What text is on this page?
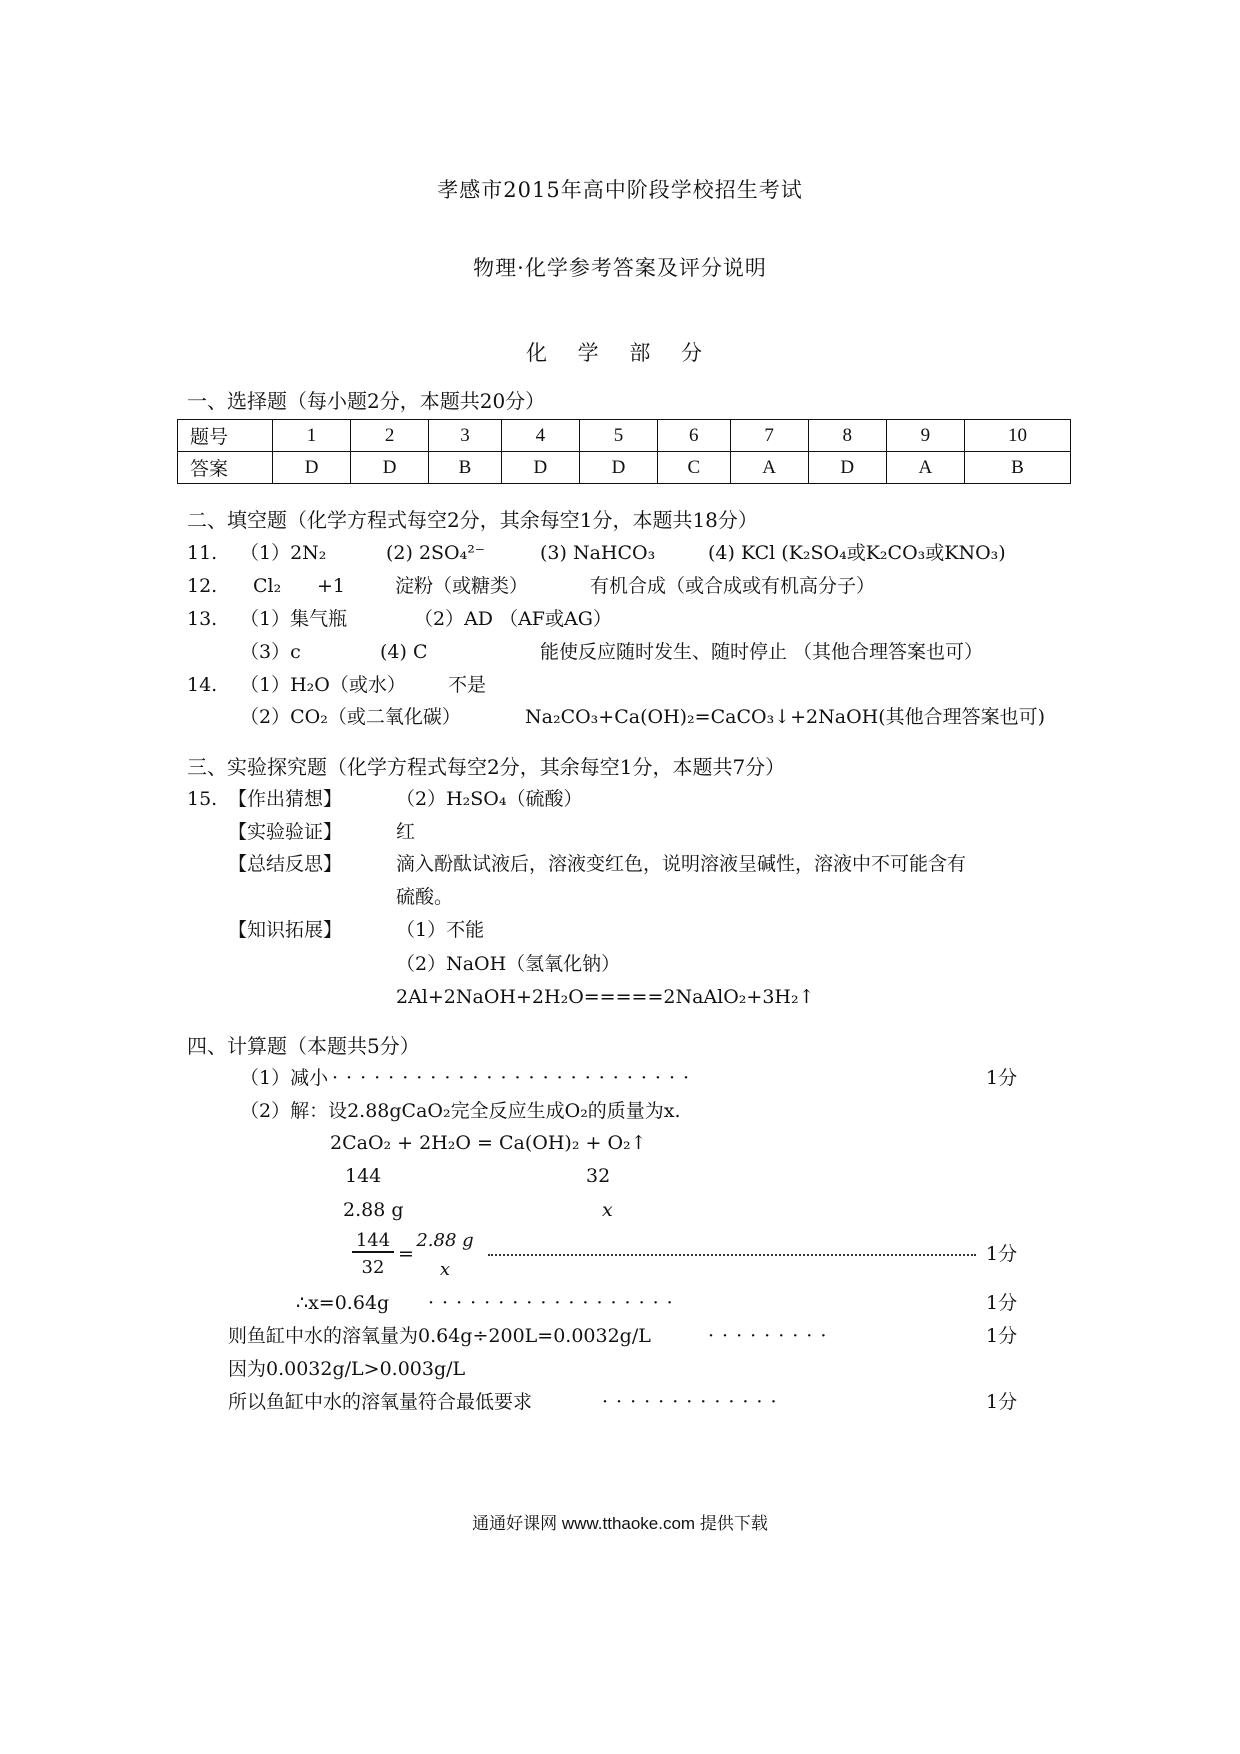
孝感市2015年高中阶段学校招生考试
物理·化学参考答案及评分说明
化 学 部 分
一、选择题（每小题2分，本题共20分）
题号	1	2	3	4	5	6	7	8	9	10
答案	D	D	B	D	D	C	A	D	A	B
二、填空题（化学方程式每空2分，其余每空1分，本题共18分）
11. （1）2N₂	(2) 2SO₄²⁻	(3) NaHCO₃	(4) KCl (K₂SO₄或K₂CO₃或KNO₃)
12. Cl₂ +1	淀粉（或糖类）	有机合成（或合成或有机高分子）
13. （1）集气瓶	（2）AD （AF或AG）
（3）c	(4) C	能使反应随时发生、随时停止 （其他合理答案也可）
14. （1）H₂O（或水） 不是
（2）CO₂（或二氧化碳）	Na₂CO₃+Ca(OH)₂=CaCO₃↓+2NaOH(其他合理答案也可)
三、实验探究题（化学方程式每空2分，其余每空1分，本题共7分）
15. 【作出猜想】	（2）H₂SO₄（硫酸）
【实验验证】	红
【总结反思】	滴入酚酞试液后，溶液变红色，说明溶液呈碱性，溶液中不可能含有
硫酸。
【知识拓展】	（1）不能
（2）NaOH（氢氧化钠）
2Al+2NaOH+2H₂O=====2NaAlO₂+3H₂↑
四、计算题（本题共5分）
（1）减小 ··························	1分
（2）解：设2.88gCaO₂完全反应生成O₂的质量为x.
2CaO₂ + 2H₂O = Ca(OH)₂ + O₂↑
144	32
2.88 g	x
144
32
=
2.88 g
x
1分
∴x=0.64g ··················	1分
则鱼缸中水的溶氧量为0.64g÷200L=0.0032g/L	·········	1分
因为0.0032g/L>0.003g/L
所以鱼缸中水的溶氧量符合最低要求	·············	1分
通通好课网 www.tthaoke.com 提供下载
